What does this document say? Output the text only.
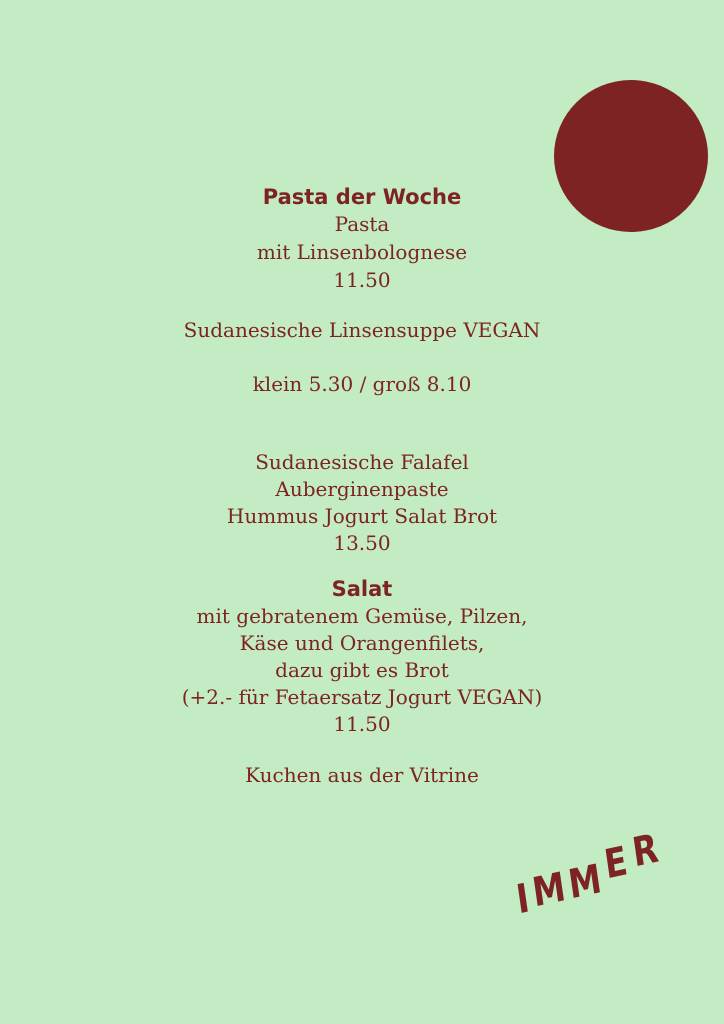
Pasta der Woche
Pasta
mit Linsenbolognese
11.50
Sudanesische Linsensuppe VEGAN
klein 5.30 / groß 8.10
Sudanesische Falafel
Auberginenpaste
Hummus Jogurt Salat Brot
13.50
Salat
mit gebratenem Gemüse, Pilzen,
Käse und Orangenfilets,
dazu gibt es Brot
(+2.- für Fetaersatz Jogurt VEGAN)
11.50
Kuchen aus der Vitrine
I
M
M
E R
